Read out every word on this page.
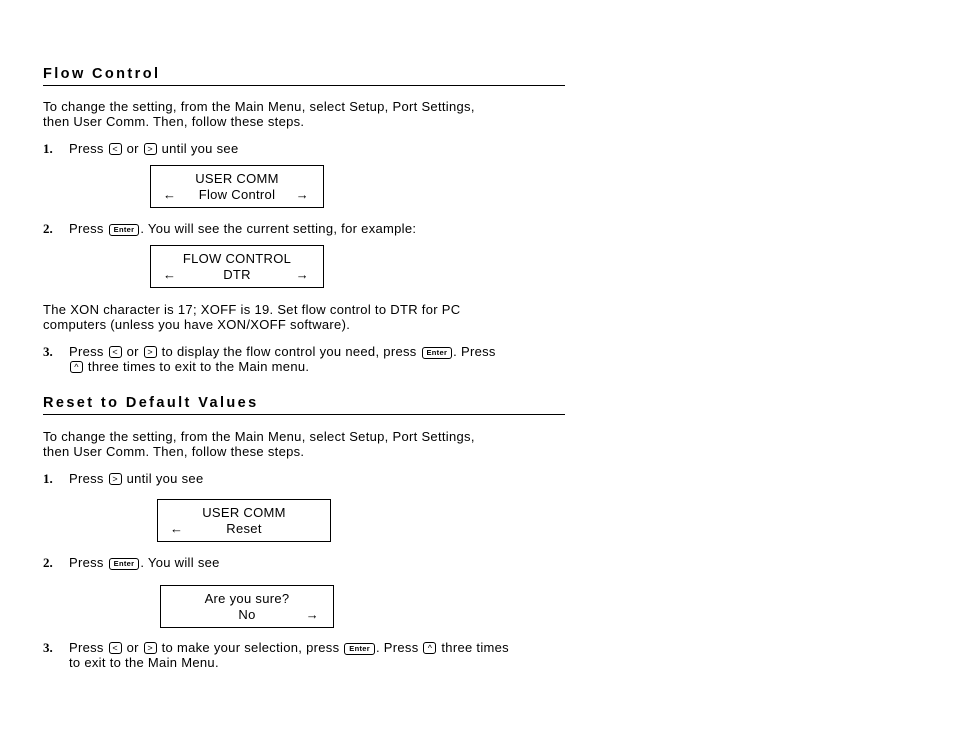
Flow Control
To change the setting, from the Main Menu, select Setup, Port Settings,
then User Comm. Then, follow these steps.
1. Press < or > until you see
USER COMM
←	Flow Control	→
2. Press Enter . You will see the current setting, for example:
FLOW CONTROL
←	DTR	→
The XON character is 17; XOFF is 19. Set flow control to DTR for PC
computers (unless you have XON/XOFF software).
3. Press < or > to display the flow control you need, press Enter . Press
^ three times to exit to the Main menu.
Reset to Default Values
To change the setting, from the Main Menu, select Setup, Port Settings,
then User Comm. Then, follow these steps.
1. Press > until you see
USER COMM
←	Reset
2. Press Enter . You will see
Are you sure?
No	→
3. Press < or > to make your selection, press Enter . Press ^ three times
to exit to the Main Menu.
